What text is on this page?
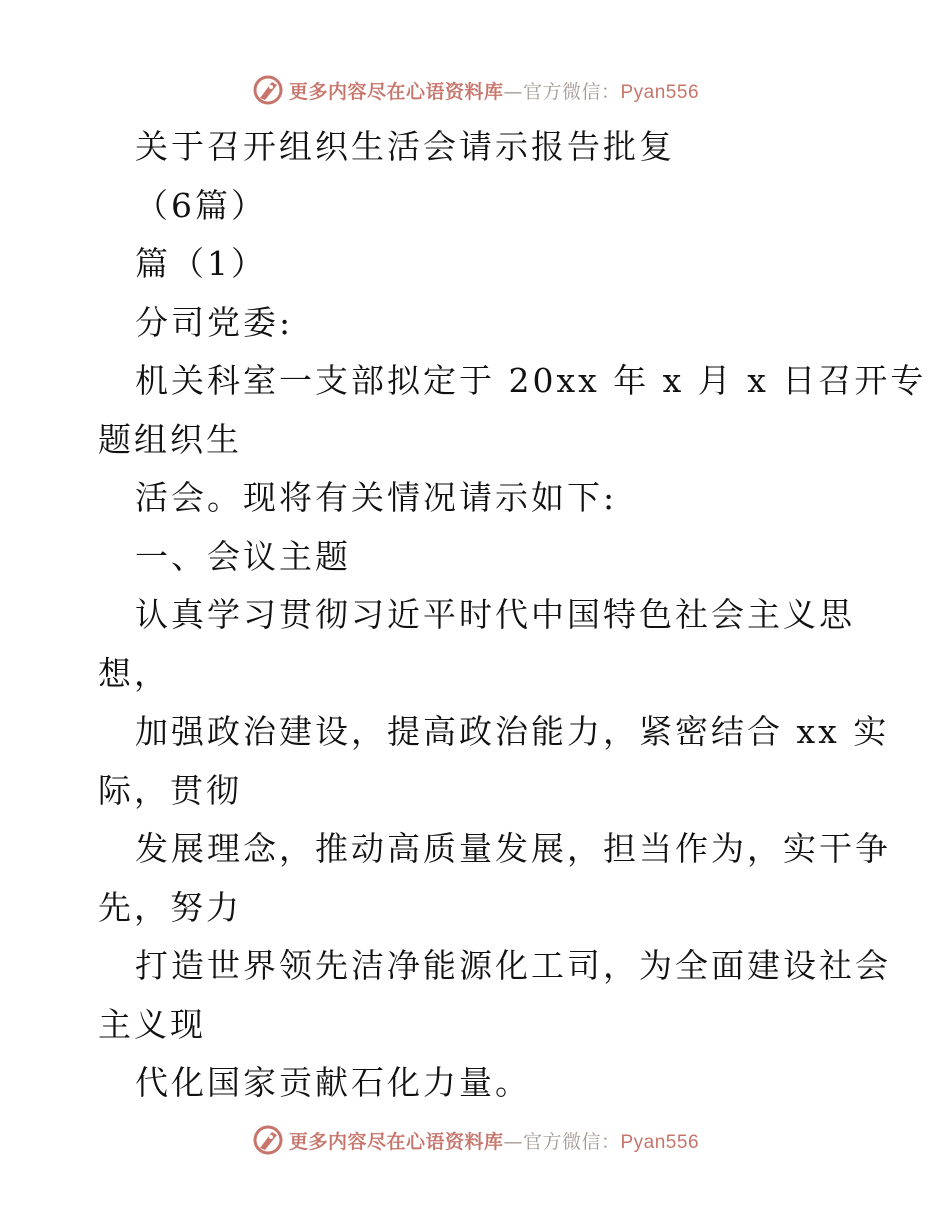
更多内容尽在心语资料库—官方微信：Pyan556

关于召开组织生活会请示报告批复

（6篇）

篇（1）

分司党委:

机关科室一支部拟定于 20xx 年 x 月 x 日召开专

题组织生

活会。现将有关情况请示如下:

一、会议主题

认真学习贯彻习近平时代中国特色社会主义思

想，

加强政治建设，提高政治能力，紧密结合 xx 实

际，贯彻

发展理念，推动高质量发展，担当作为，实干争

先，努力

打造世界领先洁净能源化工司，为全面建设社会

主义现

代化国家贡献石化力量。

更多内容尽在心语资料库—官方微信：Pyan556
